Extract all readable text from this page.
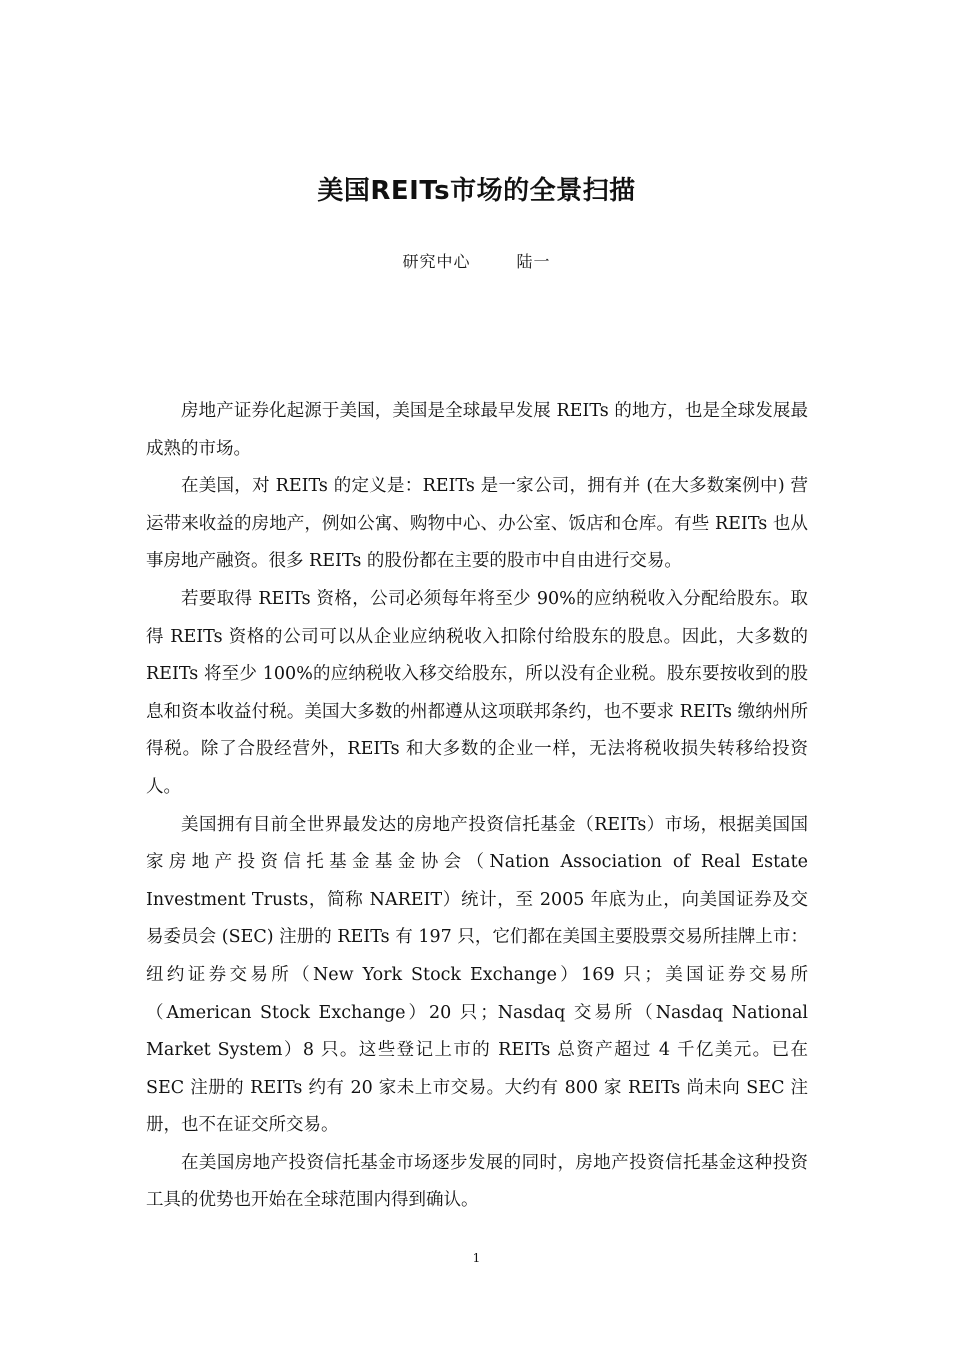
美国REITs市场的全景扫描
研究中心	陆一

房地产证券化起源于美国，美国是全球最早发展 REITs 的地方，也是全球发展最成熟的市场。

在美国，对 REITs 的定义是：REITs 是一家公司，拥有并 (在大多数案例中) 营运带来收益的房地产，例如公寓、购物中心、办公室、饭店和仓库。有些 REITs 也从事房地产融资。很多 REITs 的股份都在主要的股市中自由进行交易。

若要取得 REITs 资格，公司必须每年将至少 90%的应纳税收入分配给股东。取得 REITs 资格的公司可以从企业应纳税收入扣除付给股东的股息。因此，大多数的 REITs 将至少 100%的应纳税收入移交给股东，所以没有企业税。股东要按收到的股息和资本收益付税。美国大多数的州都遵从这项联邦条约，也不要求 REITs 缴纳州所得税。除了合股经营外，REITs 和大多数的企业一样，无法将税收损失转移给投资人。

美国拥有目前全世界最发达的房地产投资信托基金（REITs）市场，根据美国国家房地产投资信托基金基金协会（Nation Association of Real Estate Investment Trusts，简称 NAREIT）统计，至 2005 年底为止，向美国证券及交易委员会 (SEC) 注册的 REITs 有 197 只，它们都在美国主要股票交易所挂牌上市：纽约证券交易所（New York Stock Exchange）169 只；美国证券交易所（American Stock Exchange）20 只；Nasdaq 交易所（Nasdaq National Market System）8 只。这些登记上市的 REITs 总资产超过 4 千亿美元。已在 SEC 注册的 REITs 约有 20 家未上市交易。大约有 800 家 REITs 尚未向 SEC 注册，也不在证交所交易。

在美国房地产投资信托基金市场逐步发展的同时，房地产投资信托基金这种投资工具的优势也开始在全球范围内得到确认。

1
